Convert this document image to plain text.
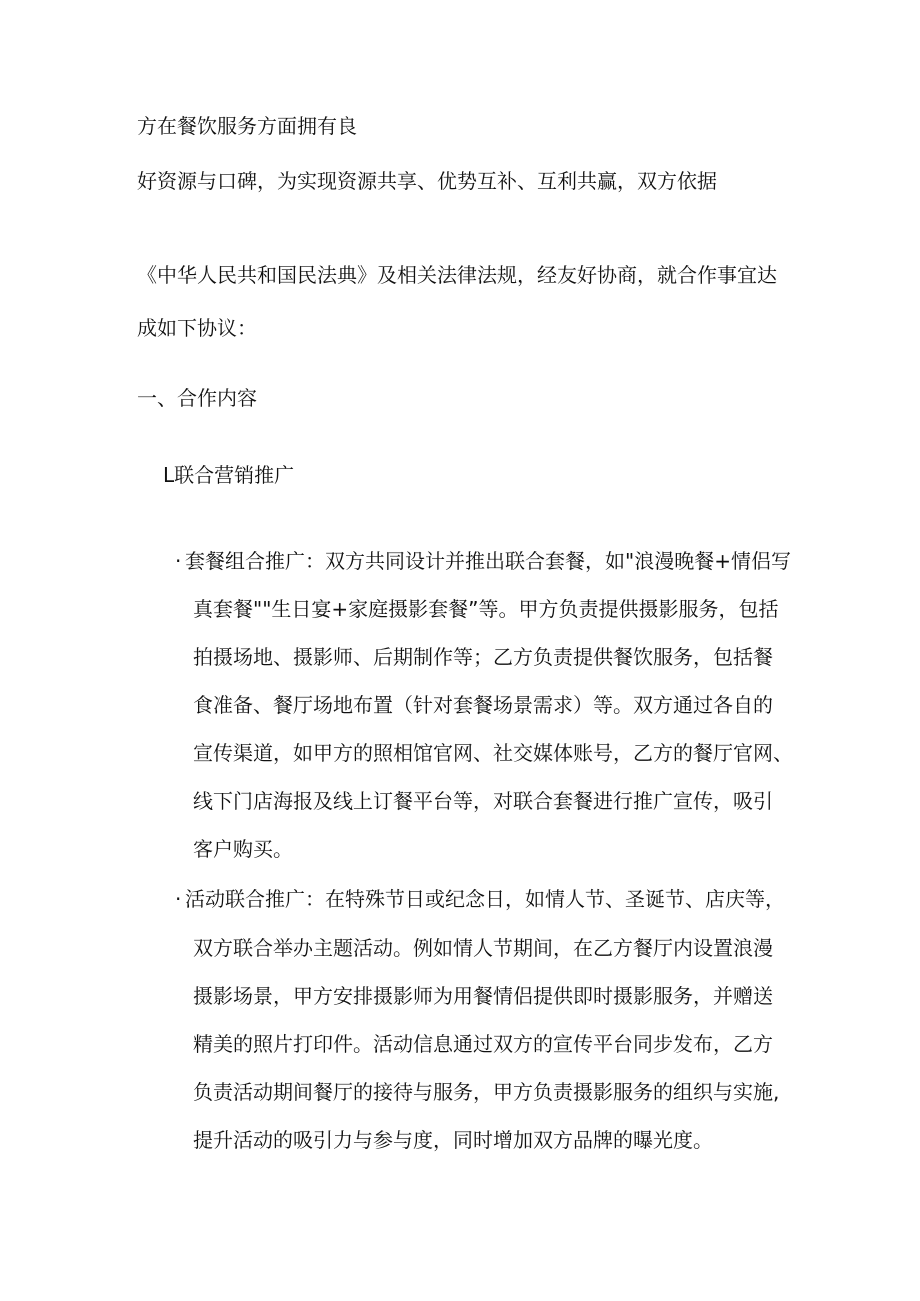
方在餐饮服务方面拥有良

好资源与口碑，为实现资源共享、优势互补、互利共赢，双方依据

《中华人民共和国民法典》及相关法律法规，经友好协商，就合作事宜达

成如下协议：

一、合作内容
L联合营销推广
· 套餐组合推广：双方共同设计并推出联合套餐，如"浪漫晚餐+情侣写
真套餐""生日宴+家庭摄影套餐”等。甲方负责提供摄影服务，包括
拍摄场地、摄影师、后期制作等；乙方负责提供餐饮服务，包括餐
食准备、餐厅场地布置（针对套餐场景需求）等。双方通过各自的
宣传渠道，如甲方的照相馆官网、社交媒体账号，乙方的餐厅官网、
线下门店海报及线上订餐平台等，对联合套餐进行推广宣传，吸引
客户购买。
· 活动联合推广：在特殊节日或纪念日，如情人节、圣诞节、店庆等，
双方联合举办主题活动。例如情人节期间，在乙方餐厅内设置浪漫
摄影场景，甲方安排摄影师为用餐情侣提供即时摄影服务，并赠送
精美的照片打印件。活动信息通过双方的宣传平台同步发布，乙方
负责活动期间餐厅的接待与服务，甲方负责摄影服务的组织与实施,
提升活动的吸引力与参与度，同时增加双方品牌的曝光度。
